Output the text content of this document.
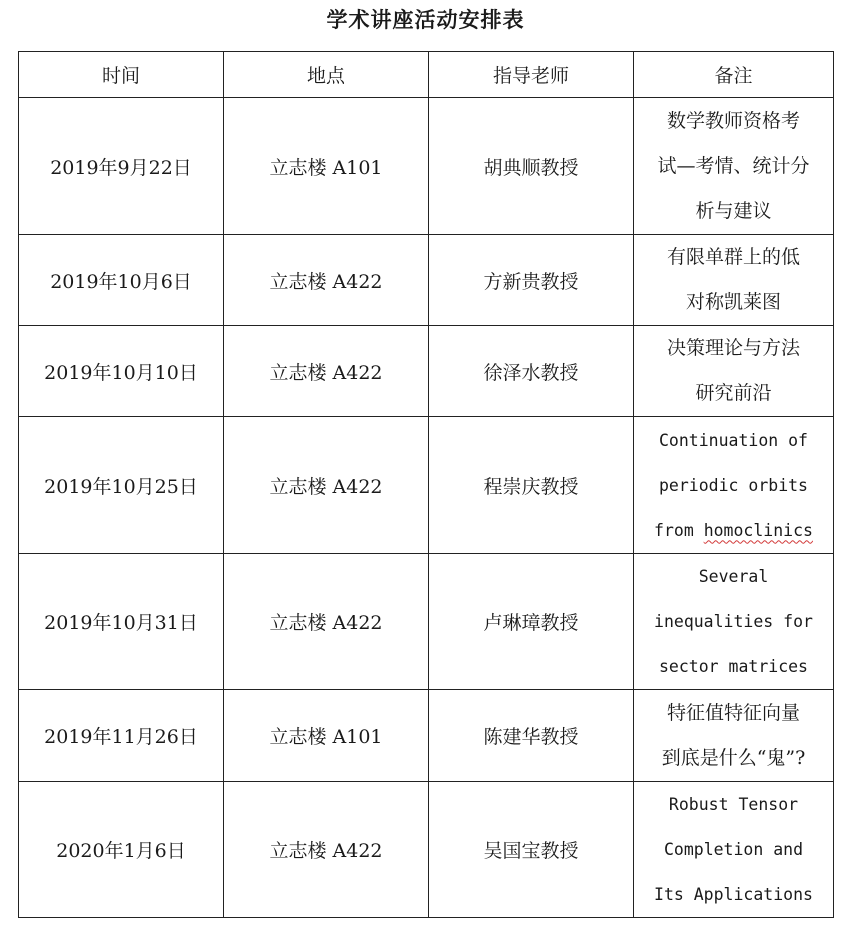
学术讲座活动安排表
时间	地点	指导老师	备注
2019年9月22日	立志楼 A101	胡典顺教授	数学教师资格考
试—考情、统计分
析与建议

2019年10月6日	立志楼 A422	方新贵教授	有限单群上的低
对称凯莱图

2019年10月10日	立志楼 A422	徐泽水教授	决策理论与方法
研究前沿

2019年10月25日	立志楼 A422	程崇庆教授	Continuation of
periodic orbits
from homoclinics

2019年10月31日	立志楼 A422	卢琳璋教授	Several
inequalities for
sector matrices

2019年11月26日	立志楼 A101	陈建华教授	特征值特征向量
到底是什么“鬼”?

2020年1月6日	立志楼 A422	吴国宝教授	Robust Tensor
Completion and
Its Applications
